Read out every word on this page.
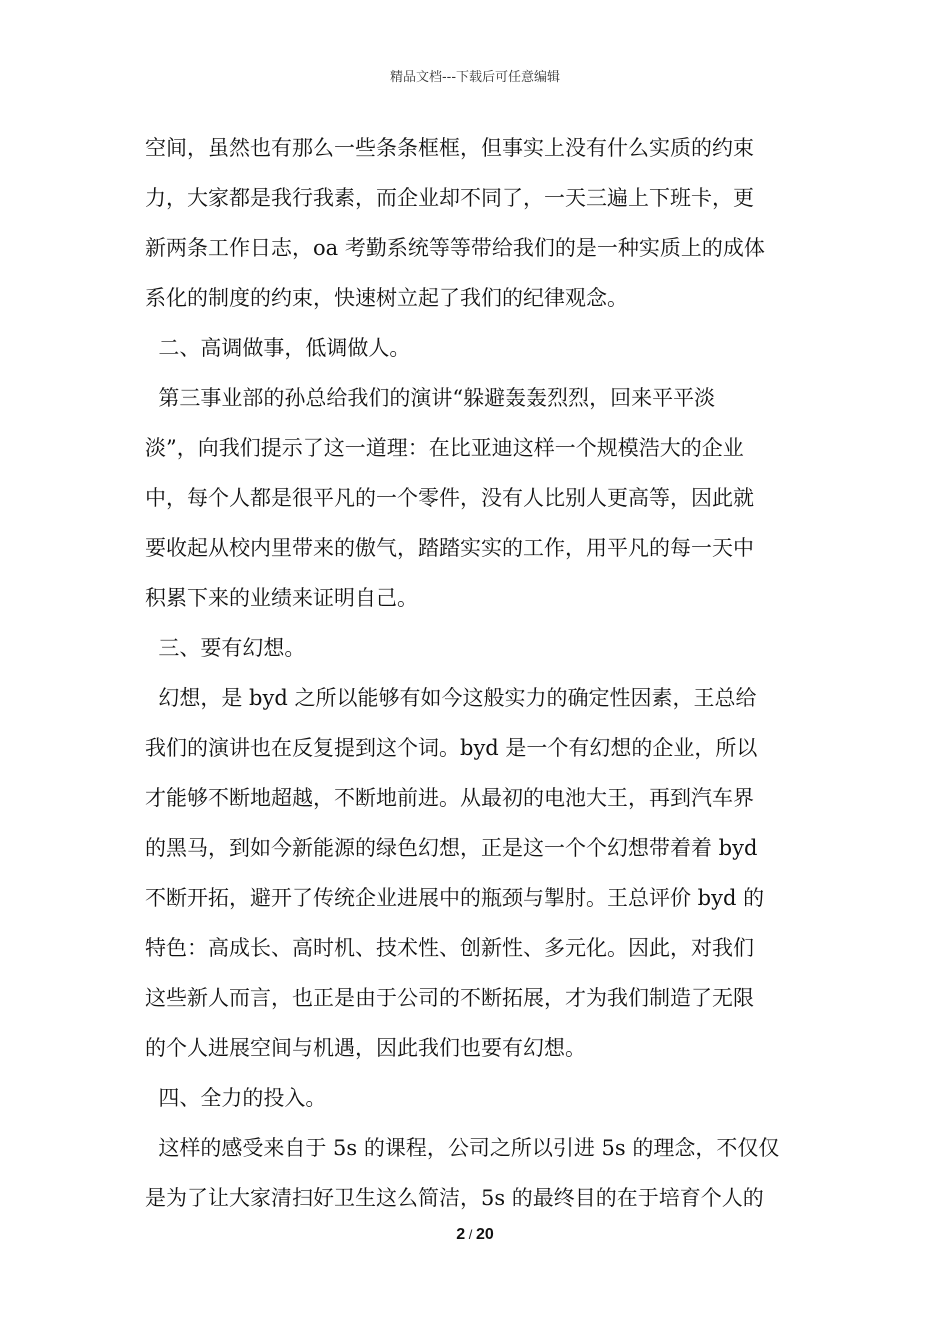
精品文档---下载后可任意编辑
空间，虽然也有那么一些条条框框，但事实上没有什么实质的约束
力，大家都是我行我素，而企业却不同了，一天三遍上下班卡，更
新两条工作日志，oa 考勤系统等等带给我们的是一种实质上的成体
系化的制度的约束，快速树立起了我们的纪律观念。
二、高调做事，低调做人。
第三事业部的孙总给我们的演讲“躲避轰轰烈烈，回来平平淡
淡”，向我们提示了这一道理：在比亚迪这样一个规模浩大的企业
中，每个人都是很平凡的一个零件，没有人比别人更高等，因此就
要收起从校内里带来的傲气，踏踏实实的工作，用平凡的每一天中
积累下来的业绩来证明自己。
三、要有幻想。
幻想，是 byd 之所以能够有如今这般实力的确定性因素，王总给
我们的演讲也在反复提到这个词。byd 是一个有幻想的企业，所以
才能够不断地超越，不断地前进。从最初的电池大王，再到汽车界
的黑马，到如今新能源的绿色幻想，正是这一个个幻想带着着 byd
不断开拓，避开了传统企业进展中的瓶颈与掣肘。王总评价 byd 的
特色：高成长、高时机、技术性、创新性、多元化。因此，对我们
这些新人而言，也正是由于公司的不断拓展，才为我们制造了无限
的个人进展空间与机遇，因此我们也要有幻想。
四、全力的投入。
这样的感受来自于 5s 的课程，公司之所以引进 5s 的理念，不仅仅
是为了让大家清扫好卫生这么简洁，5s 的最终目的在于培育个人的
2 / 20
